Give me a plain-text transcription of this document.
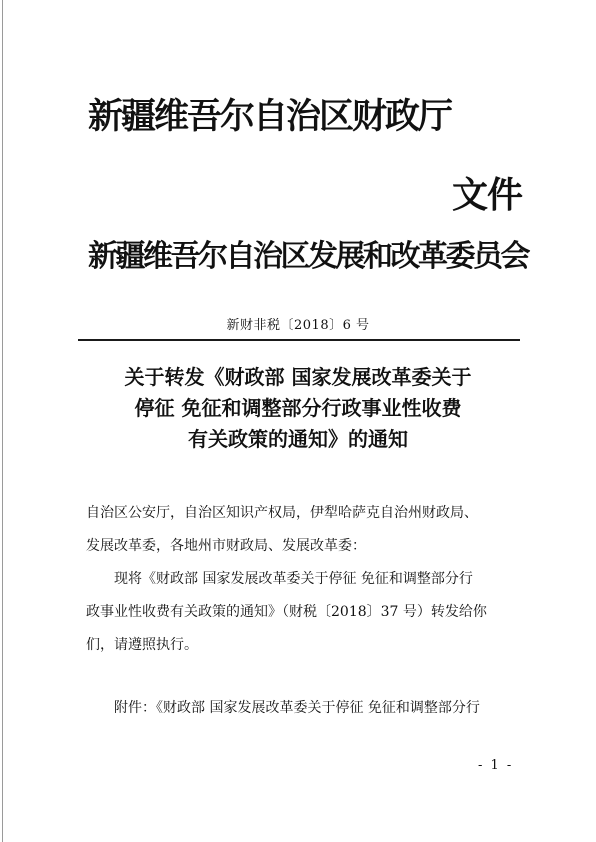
新疆维吾尔自治区财政厅
文件
新疆维吾尔自治区发展和改革委员会
新财非税〔2018〕6 号
关于转发《财政部 国家发展改革委关于
停征 免征和调整部分行政事业性收费
有关政策的通知》的通知
自治区公安厅，自治区知识产权局，伊犁哈萨克自治州财政局、
发展改革委，各地州市财政局、发展改革委：
现将《财政部 国家发展改革委关于停征 免征和调整部分行
政事业性收费有关政策的通知》（财税〔2018〕37 号）转发给你
们，请遵照执行。
附件：《财政部 国家发展改革委关于停征 免征和调整部分行
- 1 -
